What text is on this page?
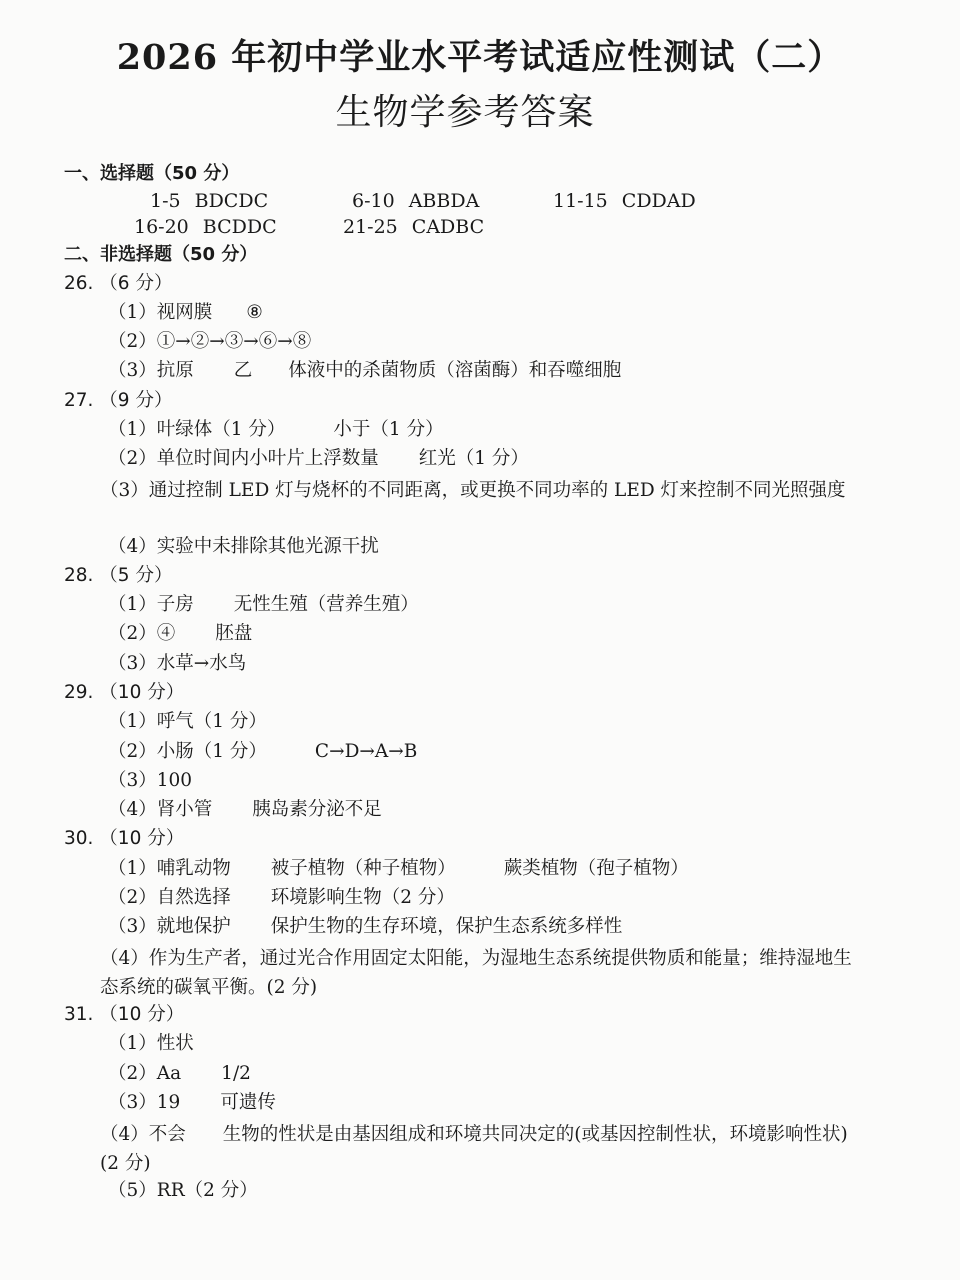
2026 年初中学业水平考试适应性测试（二）
生物学参考答案
一、选择题（50 分）
1-5 BDCDC	6-10 ABBDA	11-15 CDDAD
16-20 BCDDC	21-25 CADBC
二、非选择题（50 分）
26. （6 分）
（1）视网膜 ⑧
（2）①→②→③→⑥→⑧
（3）抗原 乙 体液中的杀菌物质（溶菌酶）和吞噬细胞
27. （9 分）
（1）叶绿体（1 分）	小于（1 分）
（2）单位时间内小叶片上浮数量 红光（1 分）
（3）通过控制 LED 灯与烧杯的不同距离，或更换不同功率的 LED 灯来控制不同光照强度
（4）实验中未排除其他光源干扰
28. （5 分）
（1）子房 无性生殖（营养生殖）
（2）④ 胚盘
（3）水草→水鸟
29. （10 分）
（1）呼气（1 分）
（2）小肠（1 分）	C→D→A→B
（3）100
（4）肾小管 胰岛素分泌不足
30. （10 分）
（1）哺乳动物 被子植物（种子植物）	蕨类植物（孢子植物）
（2）自然选择 环境影响生物（2 分）
（3）就地保护 保护生物的生存环境，保护生态系统多样性
（4）作为生产者，通过光合作用固定太阳能，为湿地生态系统提供物质和能量；维持湿地生态系统的碳氧平衡。(2 分)
31. （10 分）
（1）性状
（2）Aa 1/2
（3）19 可遗传
（4）不会　　生物的性状是由基因组成和环境共同决定的(或基因控制性状，环境影响性状) (2 分)
（5）RR（2 分）
